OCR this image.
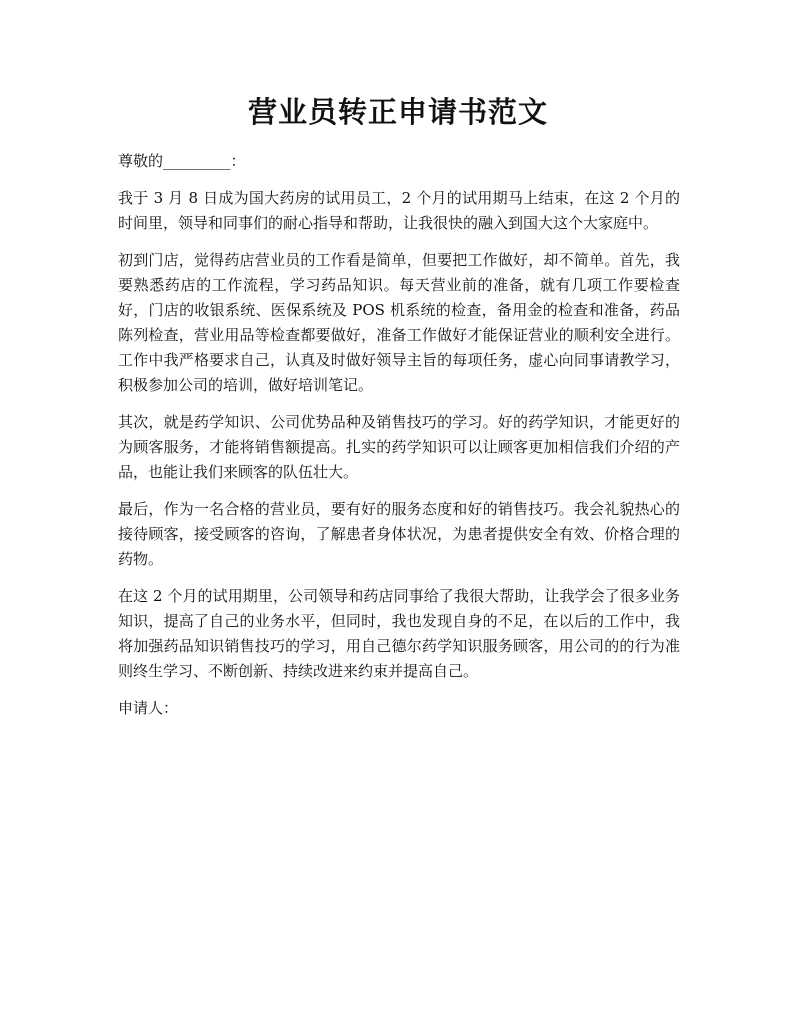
营业员转正申请书范文

尊敬的_________：

我于 3 月 8 日成为国大药房的试用员工，2 个月的试用期马上结束，在这 2 个月的时间里，领导和同事们的耐心指导和帮助，让我很快的融入到国大这个大家庭中。

初到门店，觉得药店营业员的工作看是简单，但要把工作做好，却不简单。首先，我要熟悉药店的工作流程，学习药品知识。每天营业前的准备，就有几项工作要检查好，门店的收银系统、医保系统及 POS 机系统的检查，备用金的检查和准备，药品陈列检查，营业用品等检查都要做好，准备工作做好才能保证营业的顺利安全进行。工作中我严格要求自己，认真及时做好领导主旨的每项任务，虚心向同事请教学习，积极参加公司的培训，做好培训笔记。

其次，就是药学知识、公司优势品种及销售技巧的学习。好的药学知识，才能更好的为顾客服务，才能将销售额提高。扎实的药学知识可以让顾客更加相信我们介绍的产品，也能让我们来顾客的队伍壮大。

最后，作为一名合格的营业员，要有好的服务态度和好的销售技巧。我会礼貌热心的接待顾客，接受顾客的咨询，了解患者身体状况，为患者提供安全有效、价格合理的药物。

在这 2 个月的试用期里，公司领导和药店同事给了我很大帮助，让我学会了很多业务知识，提高了自己的业务水平，但同时，我也发现自身的不足，在以后的工作中，我将加强药品知识销售技巧的学习，用自己德尔药学知识服务顾客，用公司的的行为准则终生学习、不断创新、持续改进来约束并提高自己。

申请人：
